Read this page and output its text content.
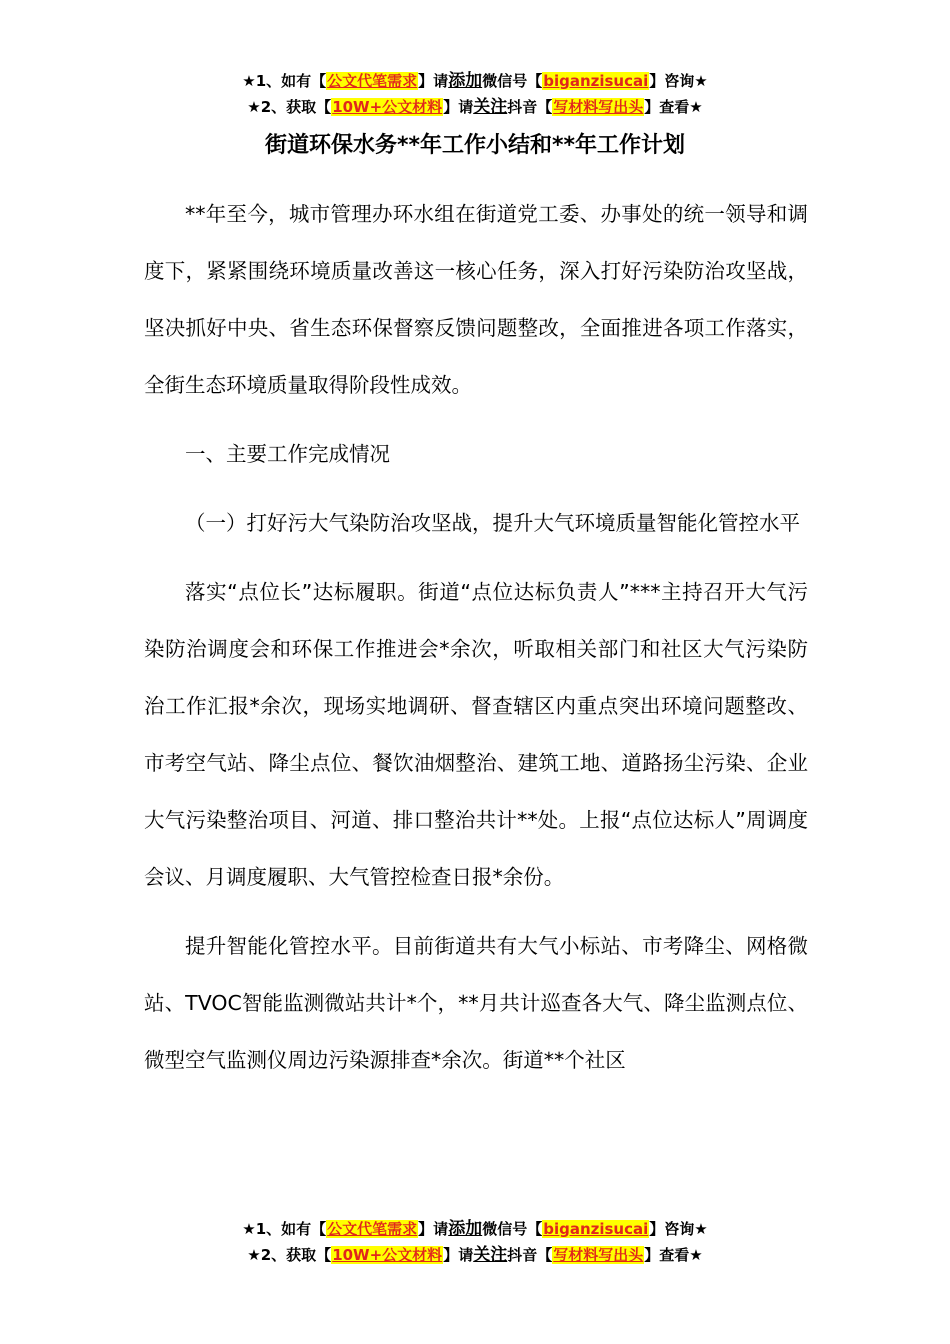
★1、如有【公文代笔需求】请添加微信号【biganzisucai】咨询★
★2、获取【10W+公文材料】请关注抖音【写材料写出头】查看★
街道环保水务**年工作小结和**年工作计划

**年至今，城市管理办环水组在街道党工委、办事处的统一领导和调度下，紧紧围绕环境质量改善这一核心任务，深入打好污染防治攻坚战，坚决抓好中央、省生态环保督察反馈问题整改，全面推进各项工作落实，全街生态环境质量取得阶段性成效。

一、主要工作完成情况

（一）打好污大气染防治攻坚战，提升大气环境质量智能化管控水平

落实“点位长”达标履职。街道“点位达标负责人”***主持召开大气污染防治调度会和环保工作推进会*余次，听取相关部门和社区大气污染防治工作汇报*余次，现场实地调研、督查辖区内重点突出环境问题整改、市考空气站、降尘点位、餐饮油烟整治、建筑工地、道路扬尘污染、企业大气污染整治项目、河道、排口整治共计**处。上报“点位达标人”周调度会议、月调度履职、大气管控检查日报*余份。

提升智能化管控水平。目前街道共有大气小标站、市考降尘、网格微站、TVOC智能监测微站共计*个，**月共计巡查各大气、降尘监测点位、微型空气监测仪周边污染源排查*余次。街道**个社区

★1、如有【公文代笔需求】请添加微信号【biganzisucai】咨询★
★2、获取【10W+公文材料】请关注抖音【写材料写出头】查看★
